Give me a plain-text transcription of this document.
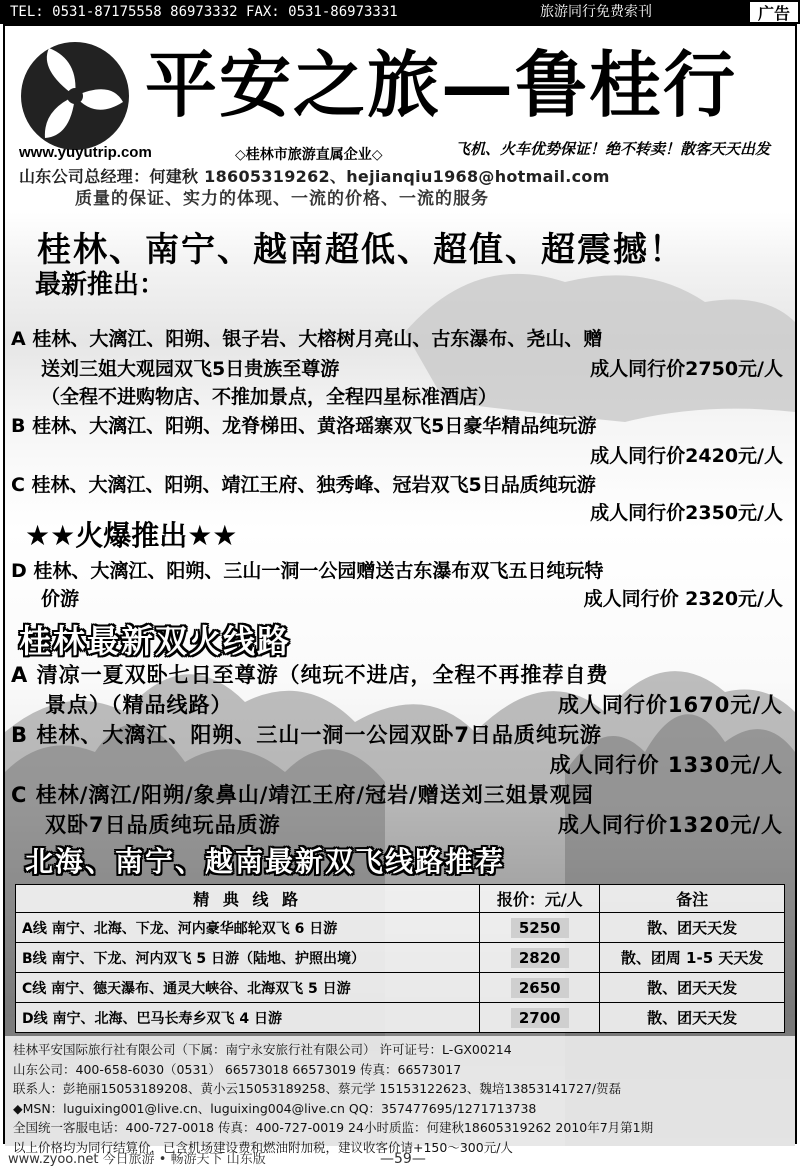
TEL: 0531-87175558 86973332 FAX: 0531-86973331	旅游同行免费索刊	广告
平安之旅—鲁桂行
www.yuyutrip.com	◇桂林市旅游直属企业◇	飞机、火车优势保证！绝不转卖！散客天天出发
山东公司总经理：何建秋 18605319262、hejianqiu1968@hotmail.com
质量的保证、实力的体现、一流的价格、一流的服务
桂林、南宁、越南超低、超值、超震撼！
最新推出：
A 桂林、大漓江、阳朔、银子岩、大榕树月亮山、古东瀑布、尧山、赠
送刘三姐大观园双飞5日贵族至尊游	成人同行价2750元/人
（全程不进购物店、不推加景点，全程四星标准酒店）
B 桂林、大漓江、阳朔、龙脊梯田、黄洛瑶寨双飞5日豪华精品纯玩游
成人同行价2420元/人
C 桂林、大漓江、阳朔、靖江王府、独秀峰、冠岩双飞5日品质纯玩游
成人同行价2350元/人
★★火爆推出★★
D 桂林、大漓江、阳朔、三山一洞一公园赠送古东瀑布双飞五日纯玩特
价游	成人同行价 2320元/人
桂林最新双火线路
A 清凉一夏双卧七日至尊游（纯玩不进店，全程不再推荐自费
景点）（精品线路）	成人同行价1670元/人
B 桂林、大漓江、阳朔、三山一洞一公园双卧7日品质纯玩游
成人同行价 1330元/人
C 桂林/漓江/阳朔/象鼻山/靖江王府/冠岩/赠送刘三姐景观园
双卧7日品质纯玩品质游	成人同行价1320元/人
北海、南宁、越南最新双飞线路推荐
精 典 线 路	报价：元/人	备注
A线 南宁、北海、下龙、河内豪华邮轮双飞 6 日游	5250	散、团天天发
B线 南宁、下龙、河内双飞 5 日游（陆地、护照出境）	2820	散、团周 1-5 天天发
C线 南宁、德天瀑布、通灵大峡谷、北海双飞 5 日游	2650	散、团天天发
D线 南宁、北海、巴马长寿乡双飞 4 日游	2700	散、团天天发
桂林平安国际旅行社有限公司（下属：南宁永安旅行社有限公司） 许可证号：L-GX00214
山东公司：400-658-6030（0531） 66573018 66573019 传真：66573017
联系人：彭艳丽15053189208、黄小云15053189258、蔡元学 15153122623、魏培13853141727/贺磊
◆MSN：luguixing001@live.cn、luguixing004@live.cn QQ：357477695/1271713738
全国统一客服电话：400-727-0018 传真：400-727-0019 24小时质监：何建秋18605319262 2010年7月第1期
以上价格均为同行结算价，已含机场建设费和燃油附加税，建议收客价请+150～300元/人
www.zyoo.net 今日旅游 • 畅游天下 山东版	—59—
